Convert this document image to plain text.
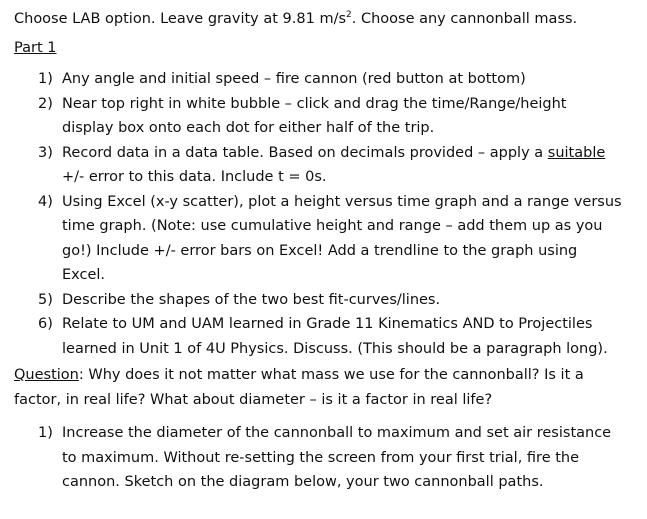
Choose LAB option. Leave gravity at 9.81 $m/s^2$. Choose any cannonball mass.
Part 1
1) Any angle and initial speed – fire cannon (red button at bottom)
2) Near top right in white bubble – click and drag the time/Range/height
display box onto each dot for either half of the trip.
3) Record data in a data table. Based on decimals provided – apply a suitable
+/- error to this data. Include t = 0s.
4) Using Excel (x-y scatter), plot a height versus time graph and a range versus
time graph. (Note: use cumulative height and range – add them up as you
go!) Include +/- error bars on Excel! Add a trendline to the graph using
Excel.
5) Describe the shapes of the two best fit-curves/lines.
6) Relate to UM and UAM learned in Grade 11 Kinematics AND to Projectiles
learned in Unit 1 of 4U Physics. Discuss. (This should be a paragraph long).
Question: Why does it not matter what mass we use for the cannonball? Is it a
factor, in real life? What about diameter – is it a factor in real life?
1) Increase the diameter of the cannonball to maximum and set air resistance
to maximum. Without re-setting the screen from your first trial, fire the
cannon. Sketch on the diagram below, your two cannonball paths.
